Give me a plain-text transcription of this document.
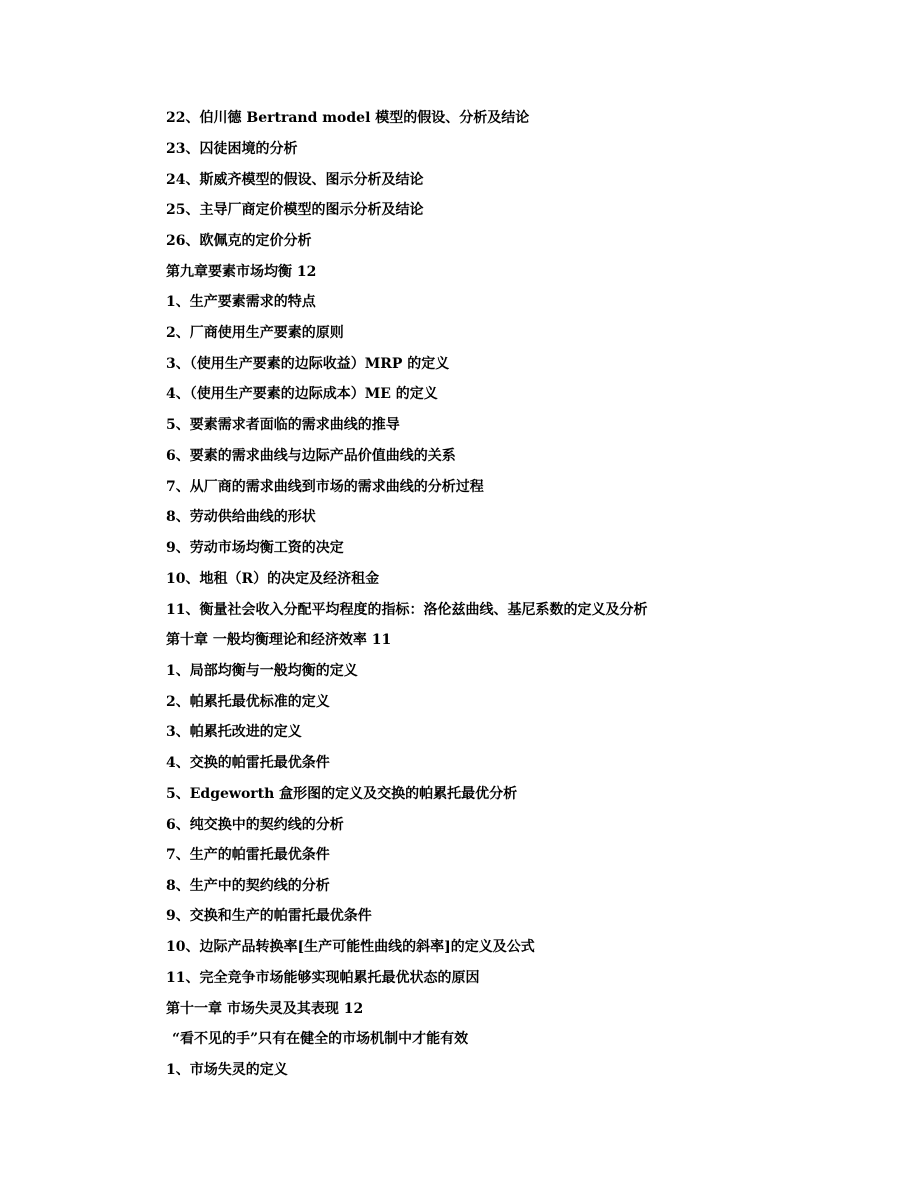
22、伯川德 Bertrand model 模型的假设、分析及结论
23、囚徒困境的分析
24、斯威齐模型的假设、图示分析及结论
25、主导厂商定价模型的图示分析及结论
26、欧佩克的定价分析
第九章要素市场均衡 12
1、生产要素需求的特点
2、厂商使用生产要素的原则
3、（使用生产要素的边际收益）MRP 的定义
4、（使用生产要素的边际成本）ME 的定义
5、要素需求者面临的需求曲线的推导
6、要素的需求曲线与边际产品价值曲线的关系
7、从厂商的需求曲线到市场的需求曲线的分析过程
8、劳动供给曲线的形状
9、劳动市场均衡工资的决定
10、地租（R）的决定及经济租金
11、衡量社会收入分配平均程度的指标：洛伦兹曲线、基尼系数的定义及分析
第十章 一般均衡理论和经济效率 11
1、局部均衡与一般均衡的定义
2、帕累托最优标准的定义
3、帕累托改进的定义
4、交换的帕雷托最优条件
5、Edgeworth 盒形图的定义及交换的帕累托最优分析
6、纯交换中的契约线的分析
7、生产的帕雷托最优条件
8、生产中的契约线的分析
9、交换和生产的帕雷托最优条件
10、边际产品转换率[生产可能性曲线的斜率]的定义及公式
11、完全竞争市场能够实现帕累托最优状态的原因
第十一章 市场失灵及其表现 12
“看不见的手”只有在健全的市场机制中才能有效
1、市场失灵的定义
